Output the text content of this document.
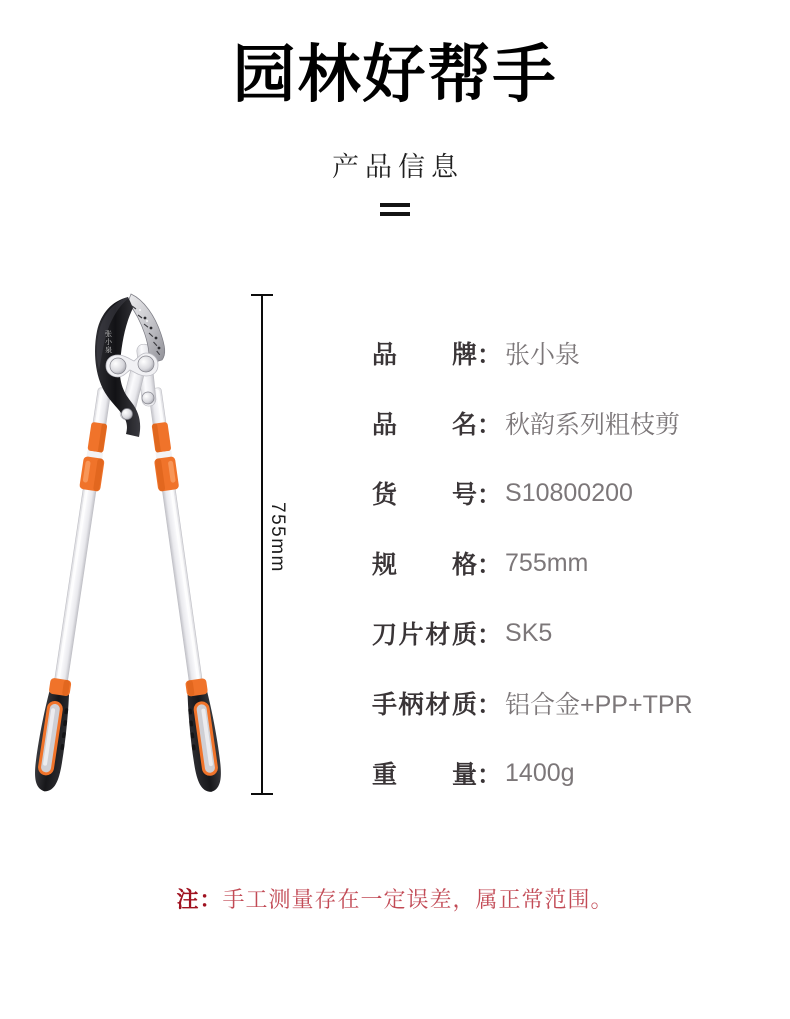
园林好帮手
产品信息
张小泉
755mm
品牌 ： 张小泉
品名 ： 秋韵系列粗枝剪
货号 ： S10800200
规格 ： 755mm
刀片材质 ： SK5
手柄材质 ： 铝合金+PP+TPR
重量 ： 1400g
注：手工测量存在一定误差，属正常范围。
